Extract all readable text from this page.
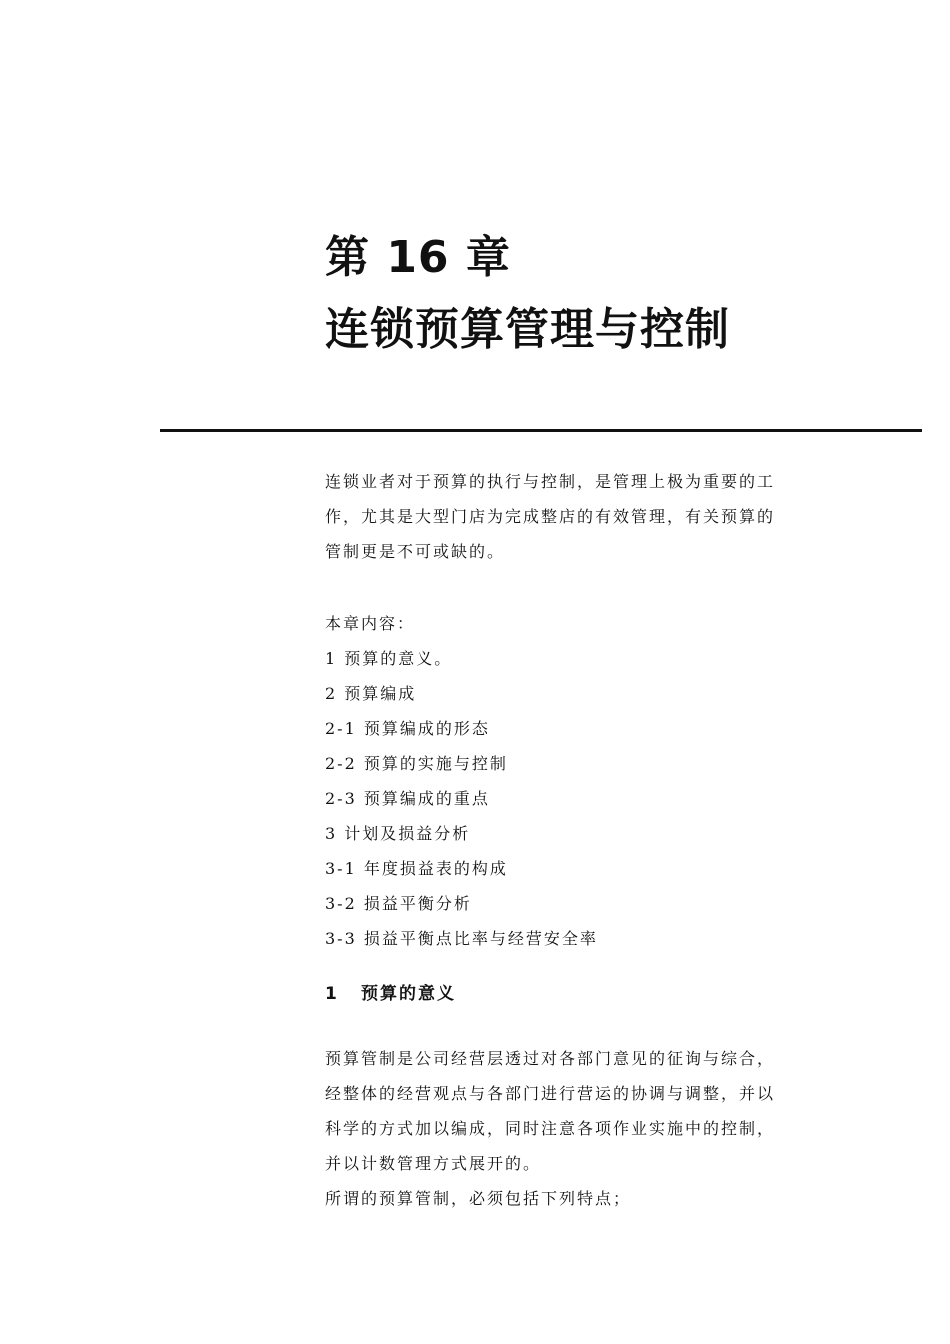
第 16 章
连锁预算管理与控制
连锁业者对于预算的执行与控制，是管理上极为重要的工
作，尤其是大型门店为完成整店的有效管理，有关预算的
管制更是不可或缺的。
本章内容：
1 预算的意义。
2 预算编成
2-1 预算编成的形态
2-2 预算的实施与控制
2-3 预算编成的重点
3 计划及损益分析
3-1 年度损益表的构成
3-2 损益平衡分析
3-3 损益平衡点比率与经营安全率
1 预算的意义
预算管制是公司经营层透过对各部门意见的征询与综合，
经整体的经营观点与各部门进行营运的协调与调整，并以
科学的方式加以编成，同时注意各项作业实施中的控制，
并以计数管理方式展开的。
所谓的预算管制，必须包括下列特点；
